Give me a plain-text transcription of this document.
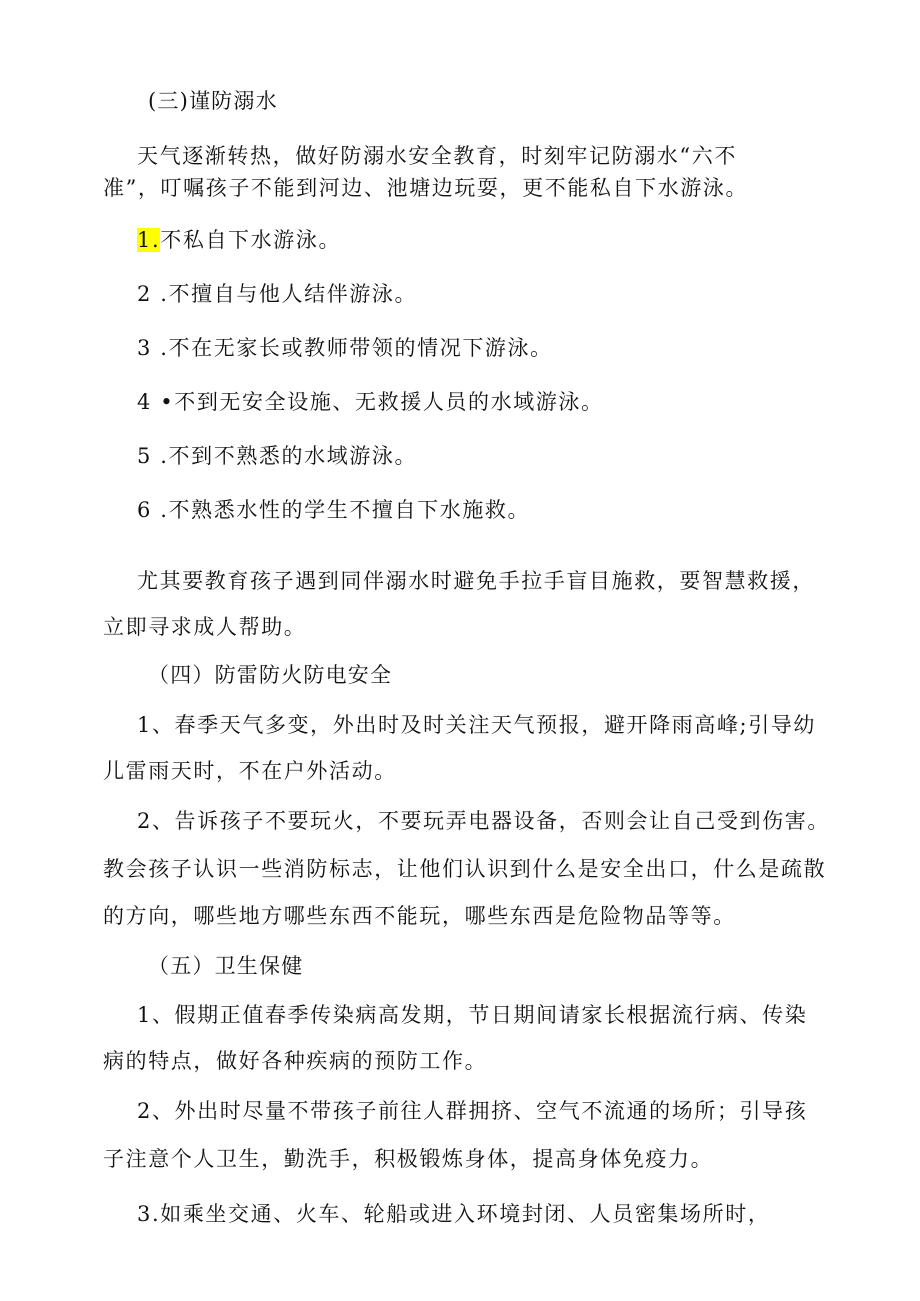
(三)谨防溺水
天气逐渐转热，做好防溺水安全教育，时刻牢记防溺水“六不
准”，叮嘱孩子不能到河边、池塘边玩耍，更不能私自下水游泳。
1.不私自下水游泳。
2 .不擅自与他人结伴游泳。
3 .不在无家长或教师带领的情况下游泳。
4 •不到无安全设施、无救援人员的水域游泳。
5 .不到不熟悉的水域游泳。
6 .不熟悉水性的学生不擅自下水施救。
尤其要教育孩子遇到同伴溺水时避免手拉手盲目施救，要智慧救援，
立即寻求成人帮助。
（四）防雷防火防电安全
1、春季天气多变，外出时及时关注天气预报，避开降雨高峰;引导幼
儿雷雨天时，不在户外活动。
2、告诉孩子不要玩火，不要玩弄电器设备，否则会让自己受到伤害。
教会孩子认识一些消防标志，让他们认识到什么是安全出口，什么是疏散
的方向，哪些地方哪些东西不能玩，哪些东西是危险物品等等。
（五）卫生保健
1、假期正值春季传染病高发期，节日期间请家长根据流行病、传染
病的特点，做好各种疾病的预防工作。
2、外出时尽量不带孩子前往人群拥挤、空气不流通的场所；引导孩
子注意个人卫生，勤洗手，积极锻炼身体，提高身体免疫力。
3.如乘坐交通、火车、轮船或进入环境封闭、人员密集场所时，
